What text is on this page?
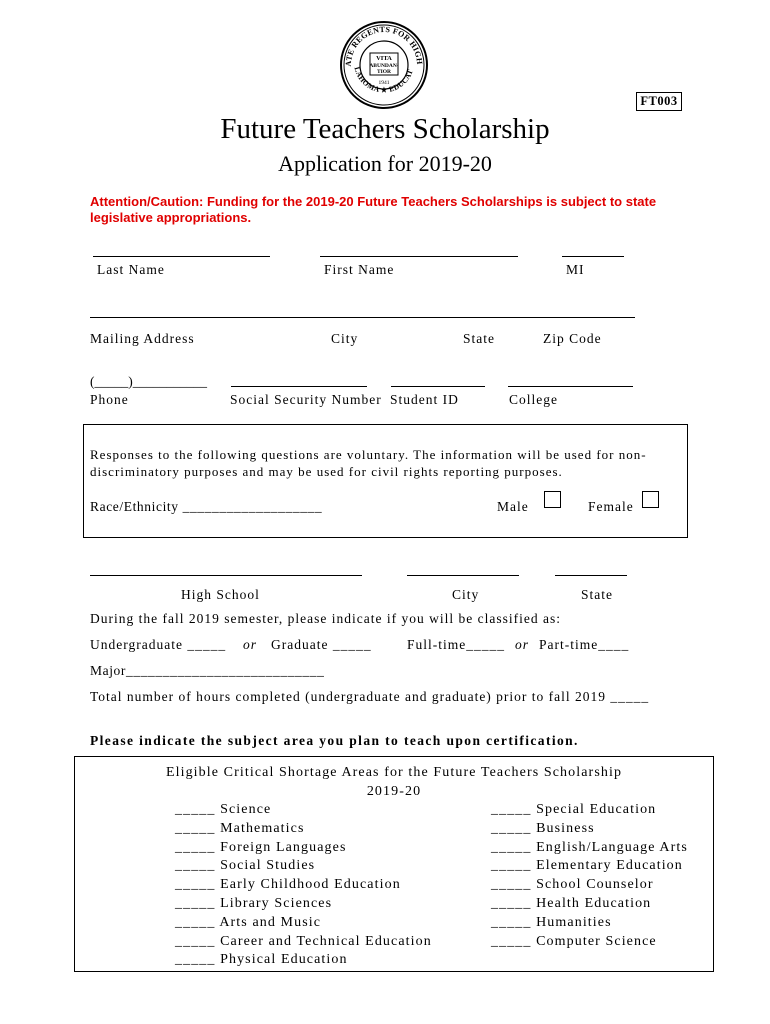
ATE REGENTS FOR HIGH
LAHOMA ★ EDUCAT
VITA
ABUNDAN-
TIOR
1941
FT003
Future Teachers Scholarship
Application for 2019-20
Attention/Caution: Funding for the 2019-20 Future Teachers Scholarships is subject to state legislative appropriations.
Last Name	First Name	MI
Mailing Address	City	State	Zip Code
(_____)___________
Phone	Social Security Number Student ID	College
Responses to the following questions are voluntary. The information will be used for non-discriminatory purposes and may be used for civil rights reporting purposes.
Race/Ethnicity ___________________	Male	Female
High School	City	State
During the fall 2019 semester, please indicate if you will be classified as:
Undergraduate _____ or Graduate _____	Full-time_____ or Part-time____
Major___________________________
Total number of hours completed (undergraduate and graduate) prior to fall 2019 _____
Please indicate the subject area you plan to teach upon certification.
Eligible Critical Shortage Areas for the Future Teachers Scholarship
2019-20
_____ Science
_____ Mathematics
_____ Foreign Languages
_____ Social Studies
_____ Early Childhood Education
_____ Library Sciences
_____ Arts and Music
_____ Career and Technical Education
_____ Physical Education
_____ Special Education
_____ Business
_____ English/Language Arts
_____ Elementary Education
_____ School Counselor
_____ Health Education
_____ Humanities
_____ Computer Science
